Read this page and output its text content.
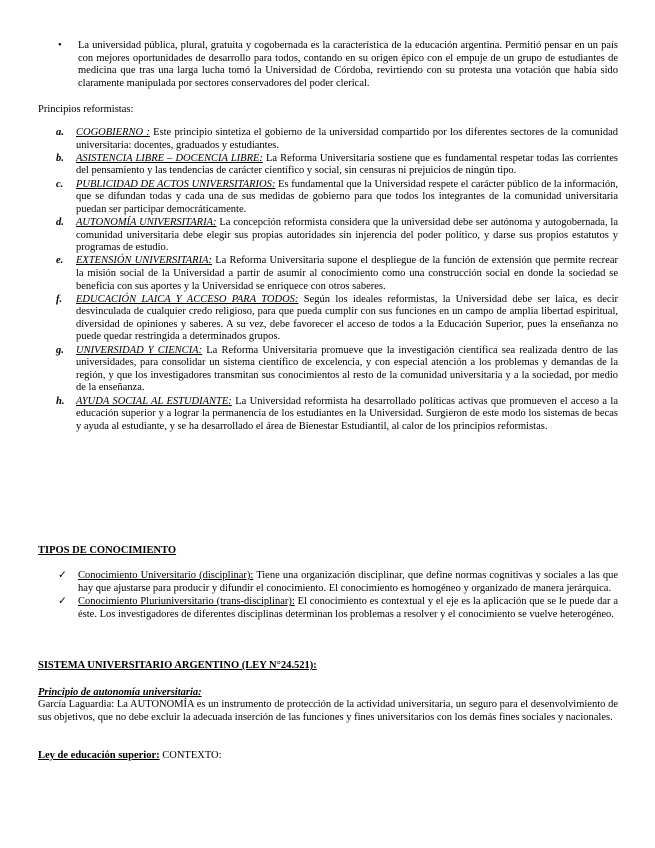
• La universidad pública, plural, gratuita y cogobernada es la característica de la educación argentina. Permitió pensar en un país con mejores oportunidades de desarrollo para todos, contando en su origen épico con el empuje de un grupo de estudiantes de medicina que tras una larga lucha tomó la Universidad de Córdoba, revirtiendo con su protesta una votación que había sido claramente manipulada por sectores conservadores del poder clerical.
Principios reformistas:
a. COGOBIERNO : Este principio sintetiza el gobierno de la universidad compartido por los diferentes sectores de la comunidad universitaria: docentes, graduados y estudiantes.
b. ASISTENCIA LIBRE – DOCENCIA LIBRE: La Reforma Universitaria sostiene que es fundamental respetar todas las corrientes del pensamiento y las tendencias de carácter científico y social, sin censuras ni prejuicios de ningún tipo.
c. PUBLICIDAD DE ACTOS UNIVERSITARIOS: Es fundamental que la Universidad respete el carácter público de la información, que se difundan todas y cada una de sus medidas de gobierno para que todos los integrantes de la comunidad universitaria puedan ser participar democráticamente.
d. AUTONOMÍA UNIVERSITARIA: La concepción reformista considera que la universidad debe ser autónoma y autogobernada, la comunidad universitaria debe elegir sus propias autoridades sin injerencia del poder político, y darse sus propios estatutos y programas de estudio.
e. EXTENSIÓN UNIVERSITARIA: La Reforma Universitaria supone el despliegue de la función de extensión que permite recrear la misión social de la Universidad a partir de asumir al conocimiento como una construcción social en donde la sociedad se beneficia con sus aportes y la Universidad se enriquece con otros saberes.
f. EDUCACIÓN LAICA Y ACCESO PARA TODOS: Según los ideales reformistas, la Universidad debe ser laica, es decir desvinculada de cualquier credo religioso, para que pueda cumplir con sus funciones en un campo de amplia libertad espiritual, diversidad de opiniones y saberes. A su vez, debe favorecer el acceso de todos a la Educación Superior, pues la enseñanza no puede quedar restringida a determinados grupos.
g. UNIVERSIDAD Y CIENCIA: La Reforma Universitaria promueve que la investigación científica sea realizada dentro de las universidades, para consolidar un sistema científico de excelencia, y con especial atención a los problemas y demandas de la región, y que los investigadores transmitan sus conocimientos al resto de la comunidad universitaria y a la sociedad, por medio de la enseñanza.
h. AYUDA SOCIAL AL ESTUDIANTE: La Universidad reformista ha desarrollado políticas activas que promueven el acceso a la educación superior y a lograr la permanencia de los estudiantes en la Universidad. Surgieron de este modo los sistemas de becas y ayuda al estudiante, y se ha desarrollado el área de Bienestar Estudiantil, al calor de los principios reformistas.
TIPOS DE CONOCIMIENTO
✓ Conocimiento Universitario (disciplinar): Tiene una organización disciplinar, que define normas cognitivas y sociales a las que hay que ajustarse para producir y difundir el conocimiento. El conocimiento es homogéneo y organizado de manera jerárquica.
✓ Conocimiento Pluriuniversitario (trans-disciplinar): El conocimiento es contextual y el eje es la aplicación que se le puede dar a éste. Los investigadores de diferentes disciplinas determinan los problemas a resolver y el conocimiento se vuelve heterogéneo.
SISTEMA UNIVERSITARIO ARGENTINO (LEY N°24.521):
Principio de autonomía universitaria:
García Laguardia: La AUTONOMÍA es un instrumento de protección de la actividad universitaria, un seguro para el desenvolvimiento de sus objetivos, que no debe excluir la adecuada inserción de las funciones y fines universitarios con los demás fines sociales y nacionales.
Ley de educación superior: CONTEXTO:
